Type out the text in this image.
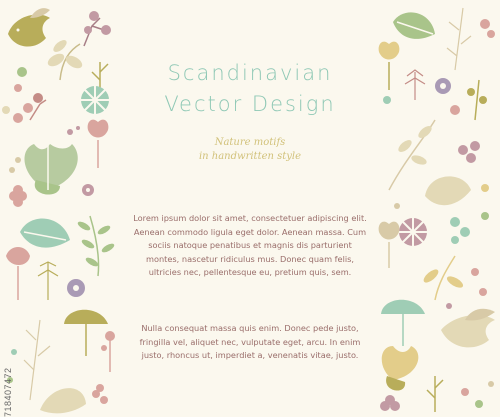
Scandinavian
Vector Design
Nature motifs
in handwritten style
Lorem ipsum dolor sit amet, consectetuer adipiscing elit. Aenean commodo ligula eget dolor. Aenean massa. Cum sociis natoque penatibus et magnis dis parturient montes, nascetur ridiculus mus. Donec quam felis, ultricies nec, pellentesque eu, pretium quis, sem.
Nulla consequat massa quis enim. Donec pede justo, fringilla vel, aliquet nec, vulputate eget, arcu. In enim justo, rhoncus ut, imperdiet a, venenatis vitae, justo.
718407472
